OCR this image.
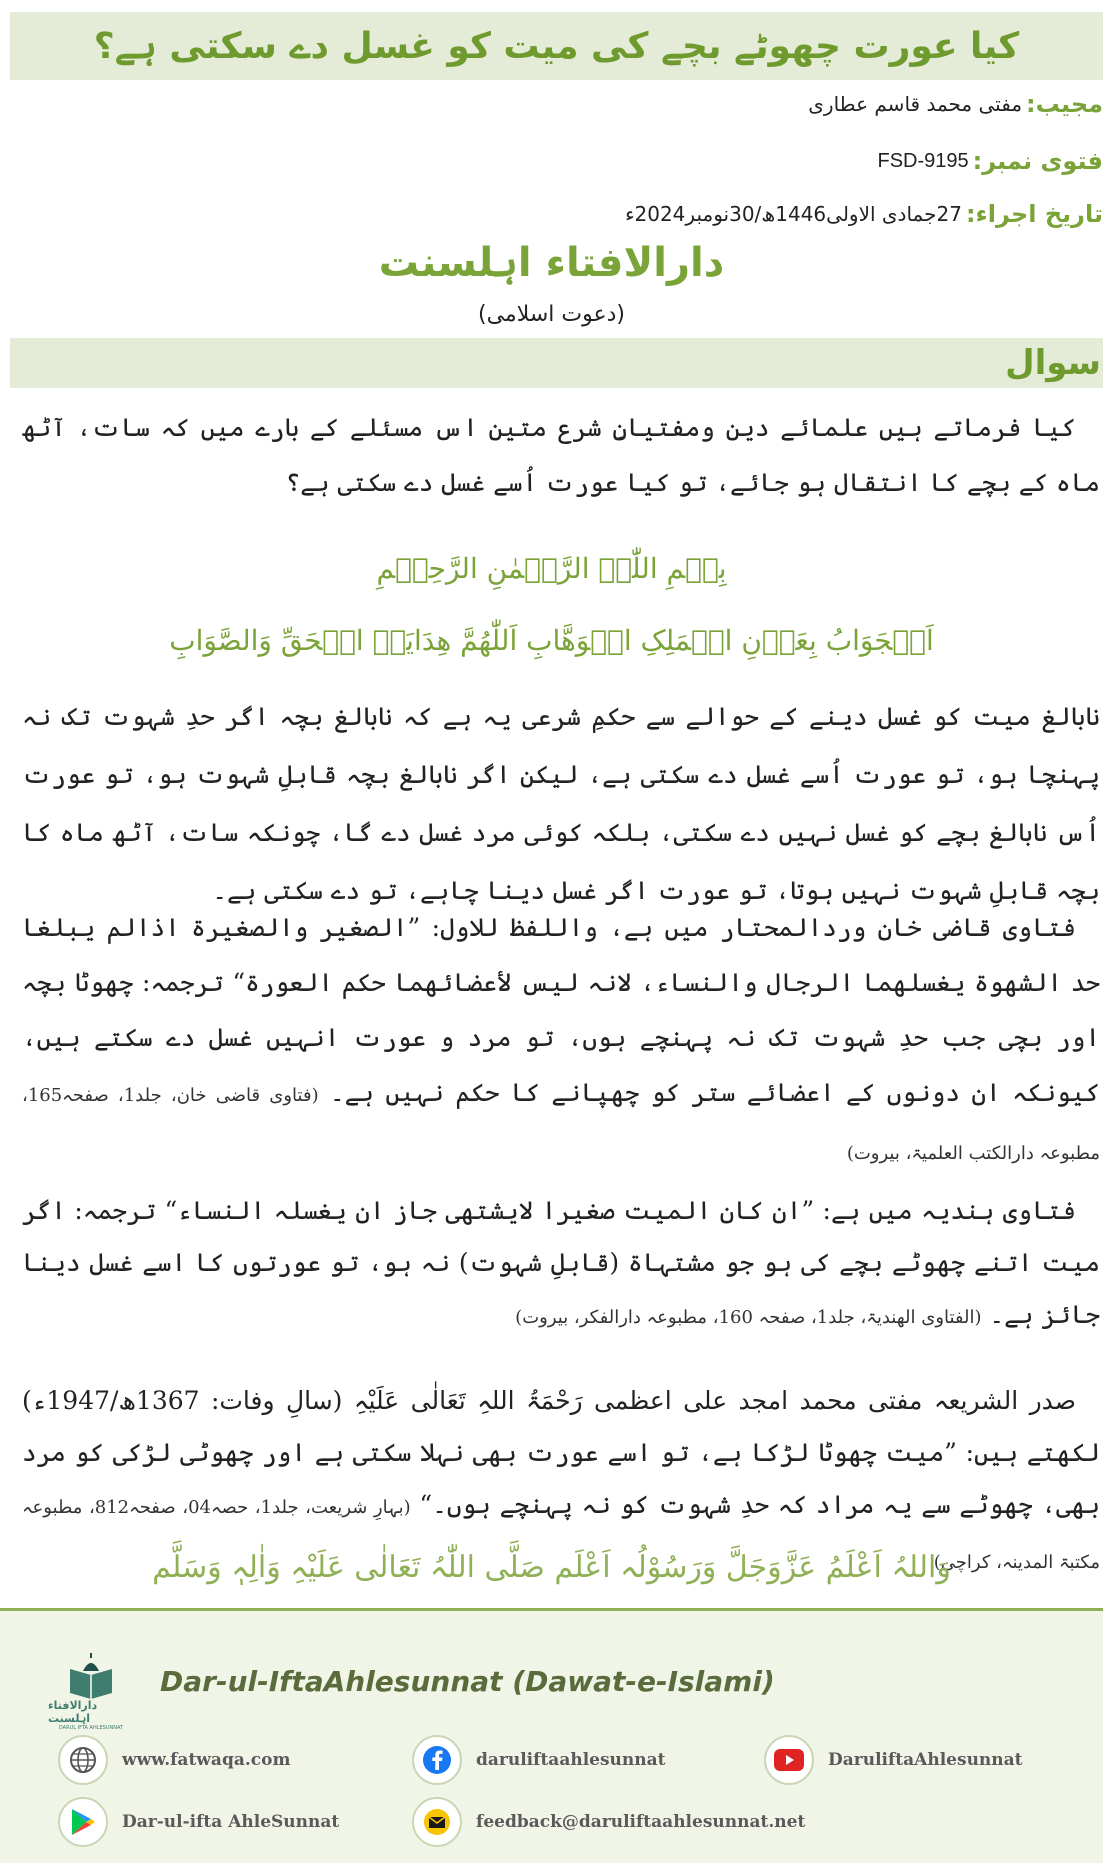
کیا عورت چھوٹے بچے کی میت کو غسل دے سکتی ہے؟
مجیب:
مفتی محمد قاسم عطاری
فتوی نمبر:
FSD-9195
تاریخ اجراء:
27جمادی الاولی1446ھ/30نومبر2024ء
دارالافتاء اہلسنت
(دعوت اسلامی)
سوال

کیا فرماتے ہیں علمائے دین ومفتیانِ شرع متین اس مسئلے کے بارے میں کہ سات، آٹھ ماہ کے بچے کا انتقال ہو جائے، تو کیا عورت اُسے غسل دے سکتی ہے؟

بِسۡمِ اللّٰہِ الرَّحۡمٰنِ الرَّحِیۡمِ
اَلۡجَوَابُ بِعَوۡنِ الۡمَلِکِ الۡوَھَّابِ اَللّٰھُمَّ ھِدَایَۃَ الۡحَقِّ وَالصَّوَابِ

نابالغ میت کو غسل دینے کے حوالے سے حکمِ شرعی یہ ہے کہ نابالغ بچہ اگر حدِ شہوت تک نہ پہنچا ہو، تو عورت اُسے غسل دے سکتی ہے، لیکن اگر نابالغ بچہ قابلِ شہوت ہو، تو عورت اُس نابالغ بچے کو غسل نہیں دے سکتی، بلکہ کوئی مرد غسل دے گا، چونکہ سات، آٹھ ماہ کا بچہ قابلِ شہوت نہیں ہوتا، تو عورت اگر غسل دینا چاہے، تو دے سکتی ہے۔

فتاوی قاضی خان وردالمحتار میں ہے، واللفظ للاول: ”الصغیر والصغیرۃ اذالم یبلغا حد الشھوۃ یغسلھما الرجال والنساء، لانہ لیس لأعضائھما حکم العورۃ“ ترجمہ: چھوٹا بچہ اور بچی جب حدِ شہوت تک نہ پہنچے ہوں، تو مرد و عورت انہیں غسل دے سکتے ہیں، کیونکہ ان دونوں کے اعضائے ستر کو چھپانے کا حکم نہیں ہے۔ (فتاوی قاضی خان، جلد1، صفحہ165، مطبوعہ دارالکتب العلمیۃ، بیروت)

فتاوی ہندیہ میں ہے: ”ان کان المیت صغیرا لایشتھی جاز ان یغسلہ النساء“ ترجمہ: اگر میت اتنے چھوٹے بچے کی ہو جو مشتہاۃ (قابلِ شہوت) نہ ہو، تو عورتوں کا اسے غسل دینا جائز ہے۔ (الفتاوی الھندیۃ، جلد1، صفحہ 160، مطبوعہ دارالفکر، بیروت)

صدر الشریعہ مفتی محمد امجد علی اعظمی رَحْمَۃُ اللہِ تَعَالٰی عَلَیْہِ (سالِ وفات: 1367ھ/1947ء) لکھتے ہیں: ”میت چھوٹا لڑکا ہے، تو اسے عورت بھی نہلا سکتی ہے اور چھوٹی لڑکی کو مرد بھی، چھوٹے سے یہ مراد کہ حدِ شہوت کو نہ پہنچے ہوں۔“ (بہارِ شریعت، جلد1، حصہ04، صفحہ812، مطبوعہ مکتبۃ المدینہ، کراچی)

وَاللہُ اَعْلَمُ عَزَّوَجَلَّ وَرَسُوْلُہ اَعْلَم صَلَّی اللّٰہُ تَعَالٰی عَلَیْہِ وَاٰلِہٖ وَسَلَّم
دارالافتاء اہلسنت
DARUL IFTA AHLESUNNAT
Dar-ul-IftaAhlesunnat (Dawat-e-Islami)
www.fatwaqa.com	daruliftaahlesunnat	DaruliftaAhlesunnat
Dar-ul-ifta AhleSunnat	feedback@daruliftaahlesunnat.net
